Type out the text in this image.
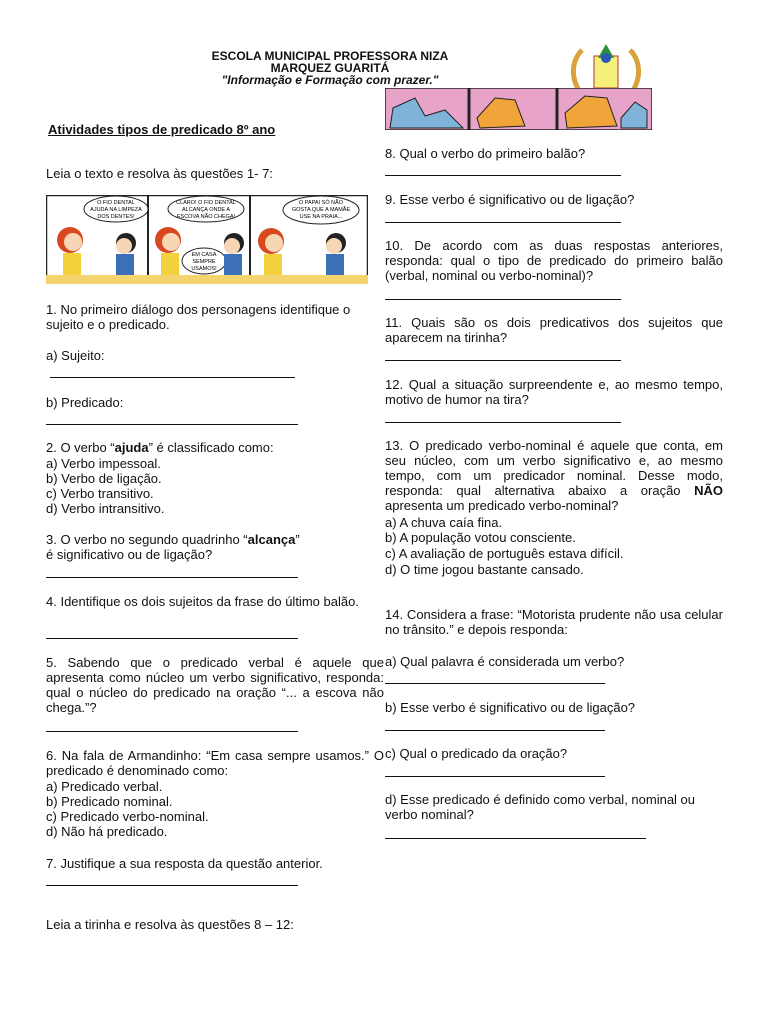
ESCOLA MUNICIPAL PROFESSORA NIZA
MARQUEZ GUARITÁ
"Informação e Formação com prazer."
Atividades tipos de predicado 8º ano
Leia o texto e resolva às questões 1- 7:
O FIO DENTAL
AJUDA NA LIMPEZA
DOS DENTES!
CLARO! O FIO DENTAL
ALCANÇA ONDE A
ESCOVA NÃO CHEGA!
EM CASA
SEMPRE
USAMOS!
O PAPAI SÓ NÃO
GOSTA QUE A MAMÃE
USE NA PRAIA...
1. No primeiro diálogo dos personagens identifique o
sujeito e o predicado.
a) Sujeito:
b) Predicado:
2. O verbo “ajuda” é classificado como:
a) Verbo impessoal.
b) Verbo de ligação.
c) Verbo transitivo.
d) Verbo intransitivo.
3. O verbo no segundo quadrinho “alcança”
é significativo ou de ligação?
4. Identifique os dois sujeitos da frase do último balão.
5. Sabendo que o predicado verbal é aquele que apresenta como núcleo um verbo significativo, responda: qual o núcleo do predicado na oração “... a escova não chega.”?
6. Na fala de Armandinho: “Em casa sempre usamos.” O predicado é denominado como:
a) Predicado verbal.
b) Predicado nominal.
c) Predicado verbo-nominal.
d) Não há predicado.
7. Justifique a sua resposta da questão anterior.
Leia a tirinha e resolva às questões 8 – 12:
8. Qual o verbo do primeiro balão?
9. Esse verbo é significativo ou de ligação?
10. De acordo com as duas respostas anteriores, responda: qual o tipo de predicado do primeiro balão (verbal, nominal ou verbo-nominal)?
11. Quais são os dois predicativos dos sujeitos que aparecem na tirinha?
12. Qual a situação surpreendente e, ao mesmo tempo, motivo de humor na tira?
13. O predicado verbo-nominal é aquele que conta, em seu núcleo, com um verbo significativo e, ao mesmo tempo, com um predicador nominal. Desse modo, responda: qual alternativa abaixo a oração NÃO apresenta um predicado verbo-nominal?
a) A chuva caía fina.
b) A população votou consciente.
c) A avaliação de português estava difícil.
d) O time jogou bastante cansado.
14. Considera a frase: “Motorista prudente não usa celular no trânsito.” e depois responda:
a) Qual palavra é considerada um verbo?
b) Esse verbo é significativo ou de ligação?
c) Qual o predicado da oração?
d) Esse predicado é definido como verbal, nominal ou verbo nominal?
